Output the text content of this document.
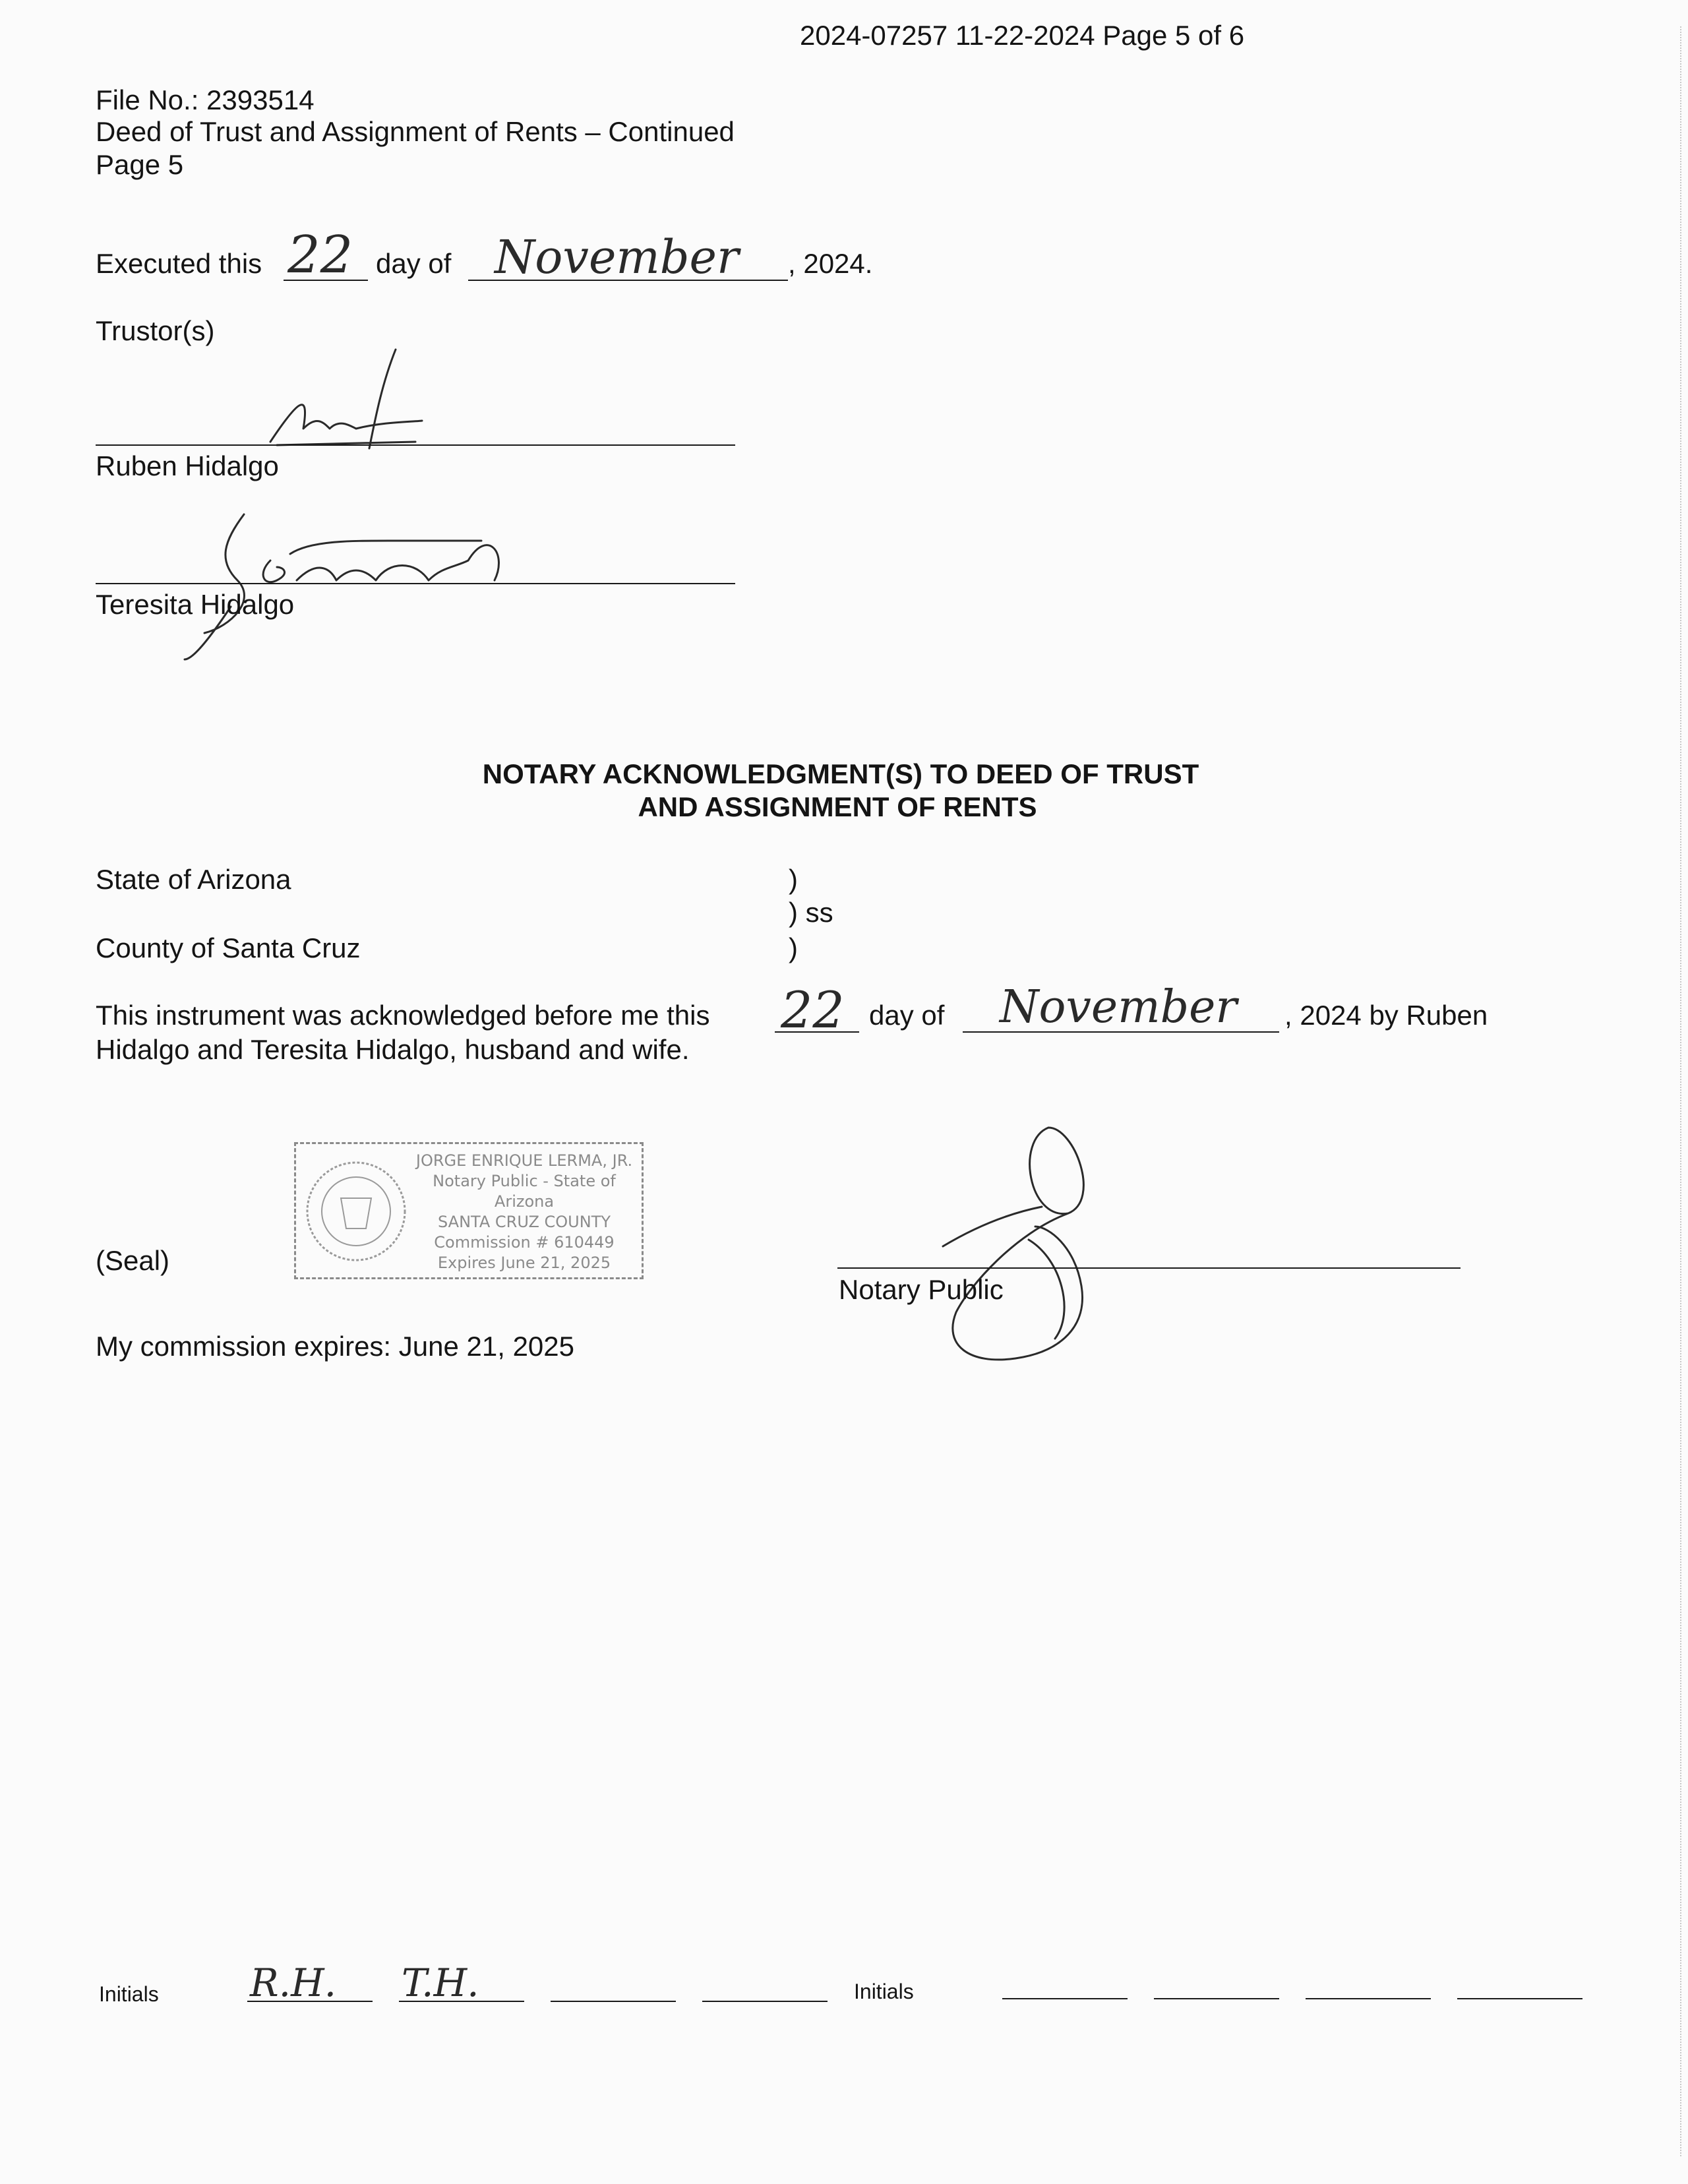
2024-07257 11-22-2024 Page 5 of 6
File No.: 2393514
Deed of Trust and Assignment of Rents – Continued
Page 5
Executed this 22 day of November , 2024.
Trustor(s)
Ruben Hidalgo
Teresita Hidalgo
NOTARY ACKNOWLEDGMENT(S) TO DEED OF TRUST
AND ASSIGNMENT OF RENTS
State of Arizona	)
) ss
County of Santa Cruz	)
This instrument was acknowledged before me this 22 day of November , 2024 by Ruben
Hidalgo and Teresita Hidalgo, husband and wife.
(Seal)
JORGE ENRIQUE LERMA, JR.
Notary Public - State of Arizona
SANTA CRUZ COUNTY
Commission # 610449
Expires June 21, 2025
Notary Public
My commission expires: June 21, 2025
Initials R.H. T.H.	Initials
